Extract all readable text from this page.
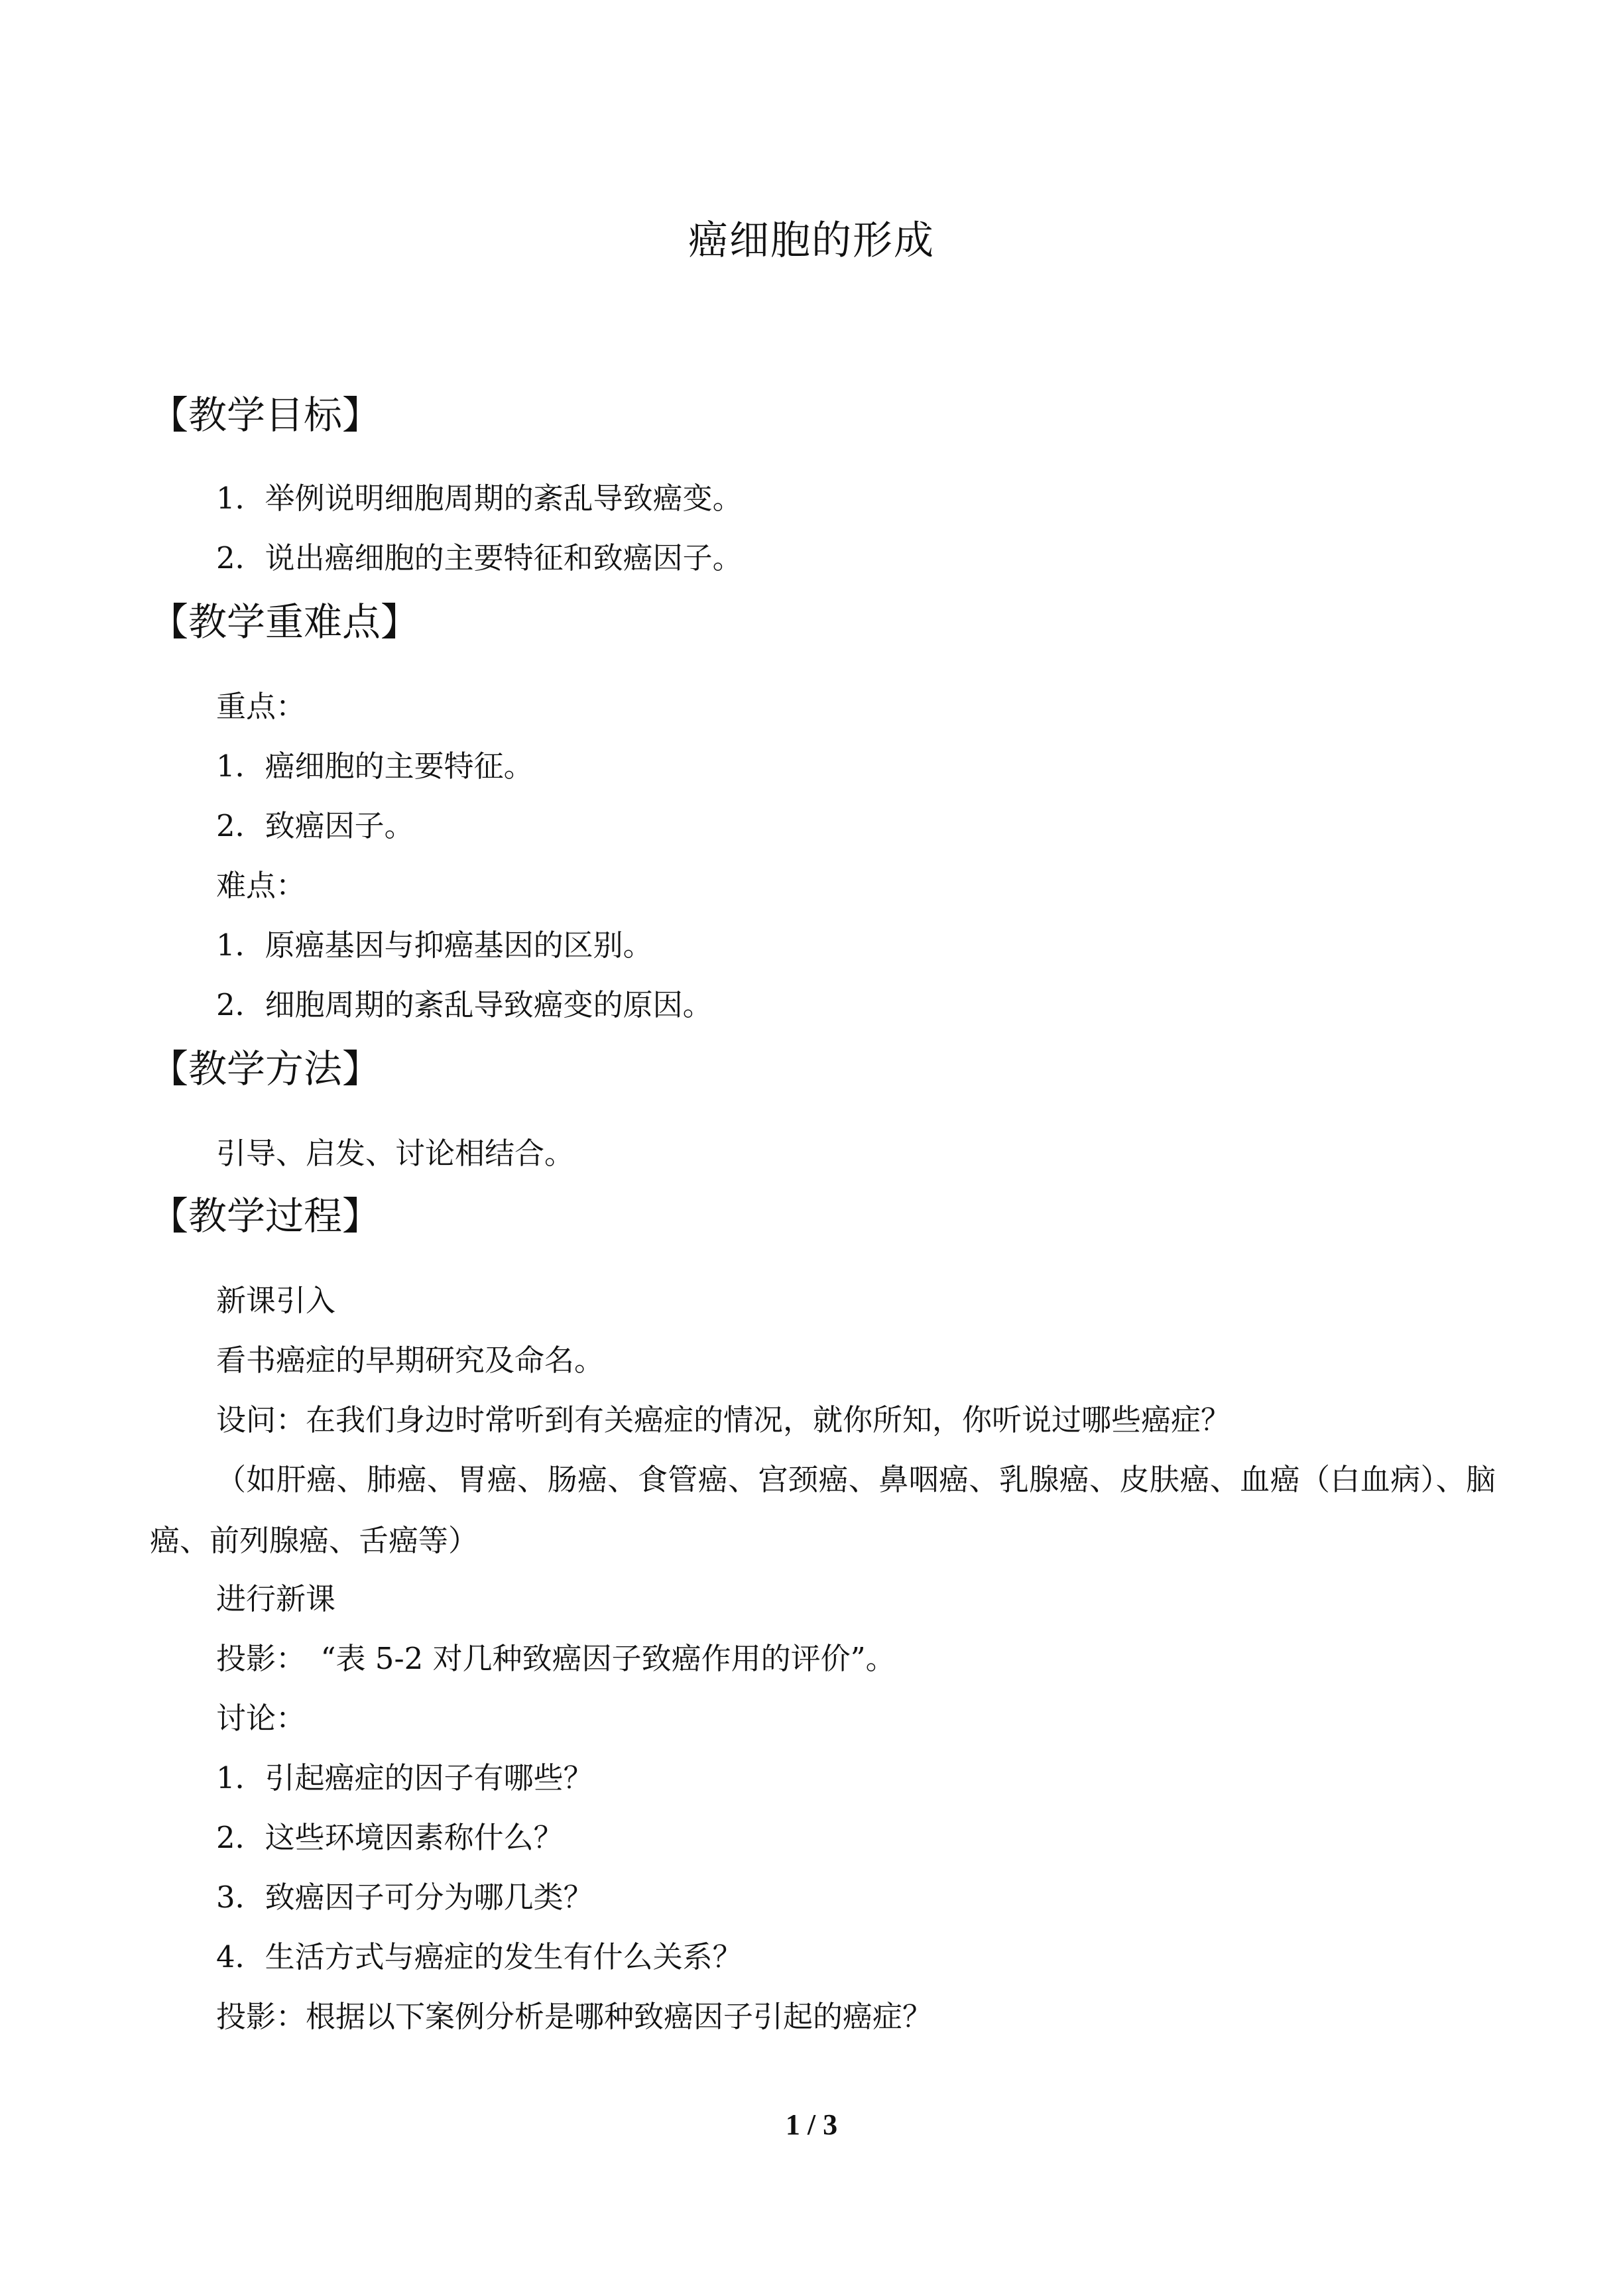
癌细胞的形成
【教学目标】

1．举例说明细胞周期的紊乱导致癌变。

2．说出癌细胞的主要特征和致癌因子。

【教学重难点】

重点：

1．癌细胞的主要特征。

2．致癌因子。

难点：

1．原癌基因与抑癌基因的区别。

2．细胞周期的紊乱导致癌变的原因。

【教学方法】

引导、启发、讨论相结合。

【教学过程】

新课引入

看书癌症的早期研究及命名。

设问：在我们身边时常听到有关癌症的情况，就你所知，你听说过哪些癌症？

（如肝癌、肺癌、胃癌、肠癌、食管癌、宫颈癌、鼻咽癌、乳腺癌、皮肤癌、血癌（白血病）、脑癌、前列腺癌、舌癌等）

进行新课

投影：　“表 5-2 对几种致癌因子致癌作用的评价”。

讨论：

1．引起癌症的因子有哪些？

2．这些环境因素称什么？

3．致癌因子可分为哪几类？

4．生活方式与癌症的发生有什么关系？

投影：根据以下案例分析是哪种致癌因子引起的癌症？

1 / 3
